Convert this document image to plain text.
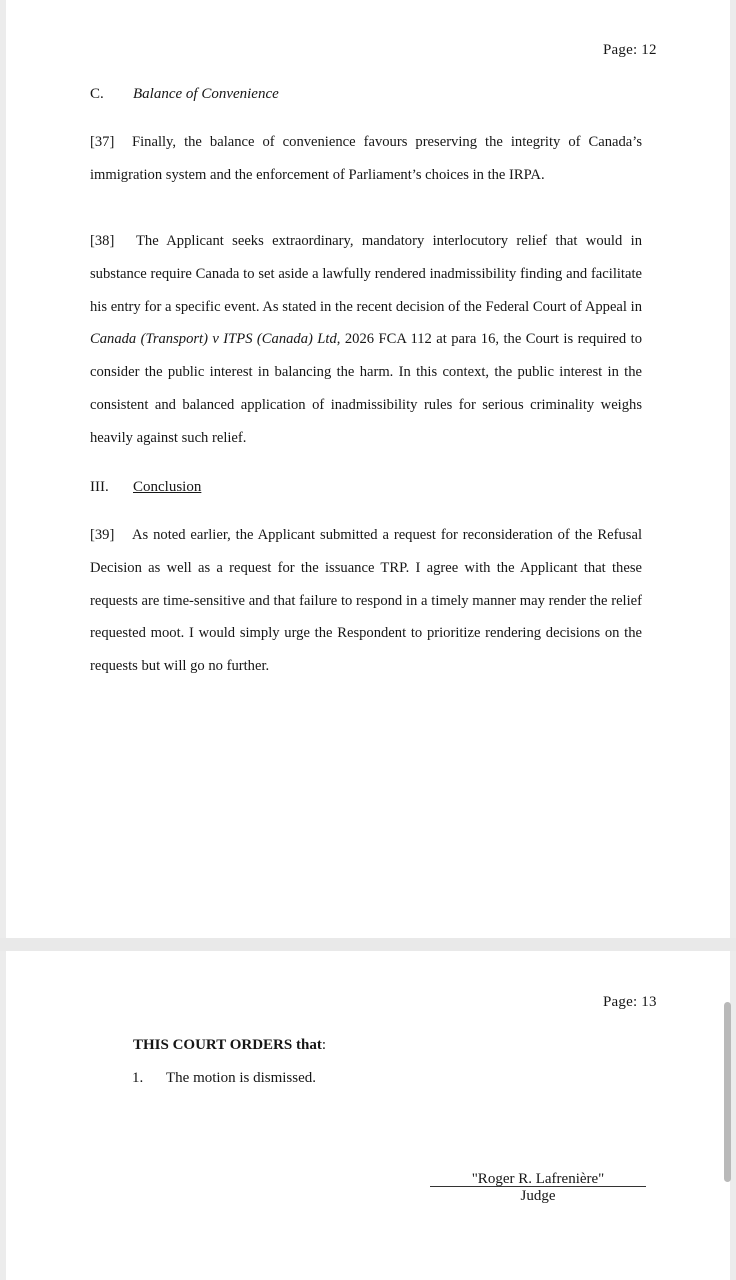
Page: 12
C. Balance of Convenience

[37] Finally, the balance of convenience favours preserving the integrity of Canada’s immigration system and the enforcement of Parliament’s choices in the IRPA.

[38] The Applicant seeks extraordinary, mandatory interlocutory relief that would in substance require Canada to set aside a lawfully rendered inadmissibility finding and facilitate his entry for a specific event. As stated in the recent decision of the Federal Court of Appeal in Canada (Transport) v ITPS (Canada) Ltd, 2026 FCA 112 at para 16, the Court is required to consider the public interest in balancing the harm. In this context, the public interest in the consistent and balanced application of inadmissibility rules for serious criminality weighs heavily against such relief.

III. Conclusion

[39] As noted earlier, the Applicant submitted a request for reconsideration of the Refusal Decision as well as a request for the issuance TRP. I agree with the Applicant that these requests are time-sensitive and that failure to respond in a timely manner may render the relief requested moot. I would simply urge the Respondent to prioritize rendering decisions on the requests but will go no further.

Page: 13
THIS COURT ORDERS that:
1. The motion is dismissed.
"Roger R. Lafrenière"
Judge
